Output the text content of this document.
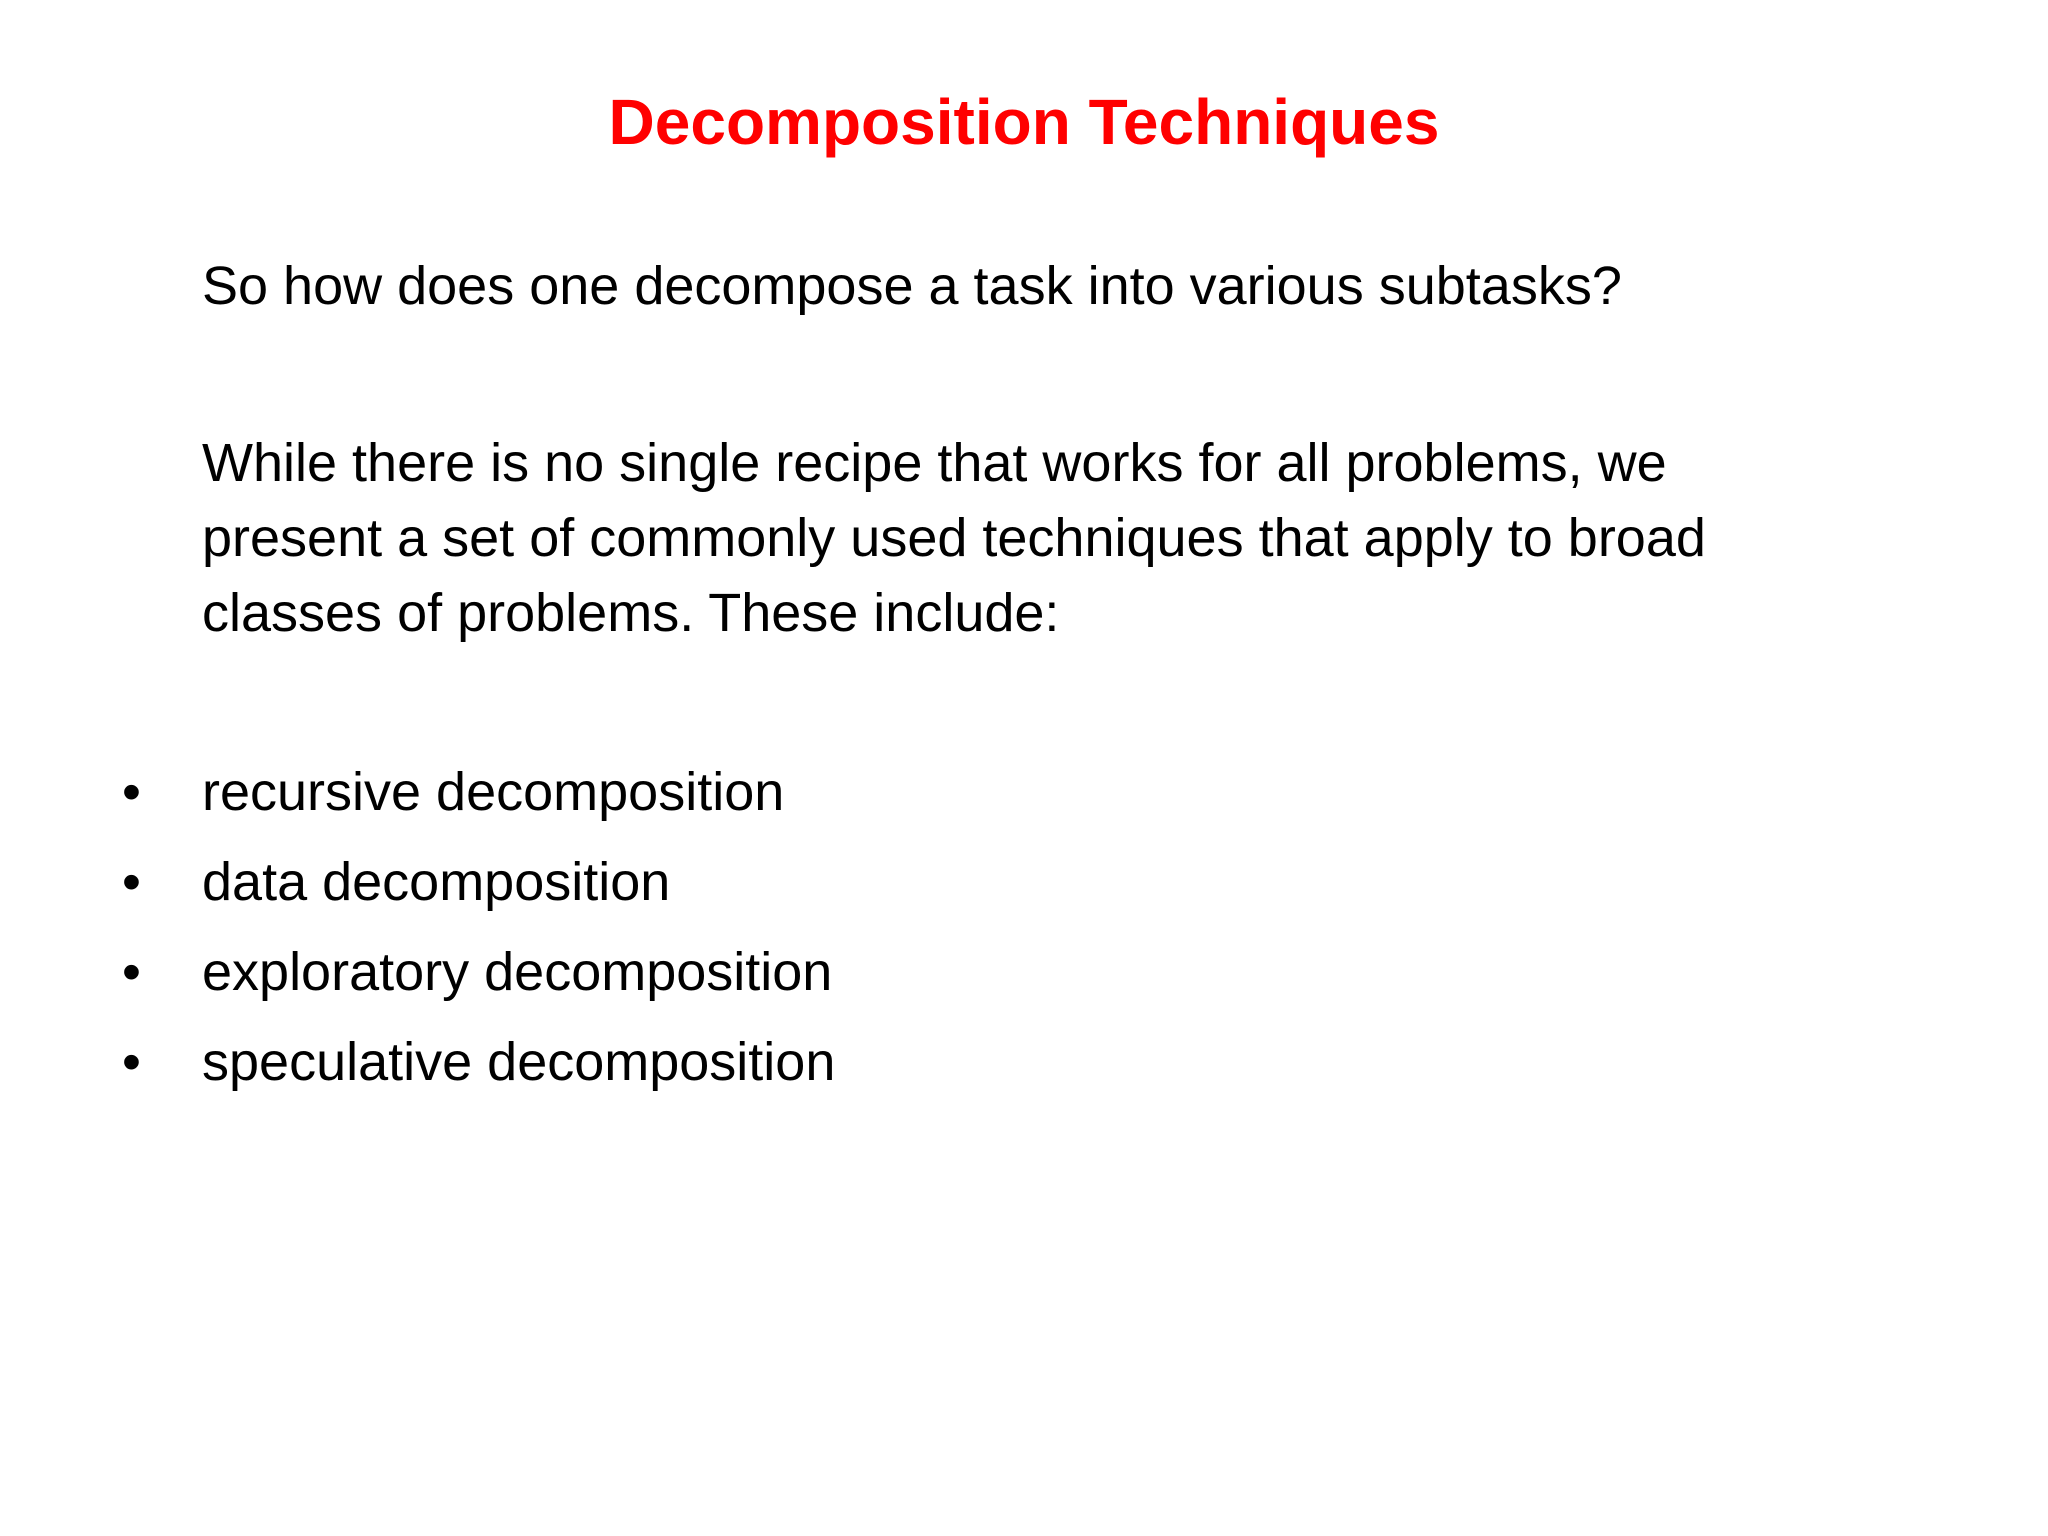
Decomposition Techniques
So how does one decompose a task into various subtasks?
While there is no single recipe that works for all problems, we present a set of commonly used techniques that apply to broad classes of problems. These include:
• recursive decomposition
• data decomposition
• exploratory decomposition
• speculative decomposition
